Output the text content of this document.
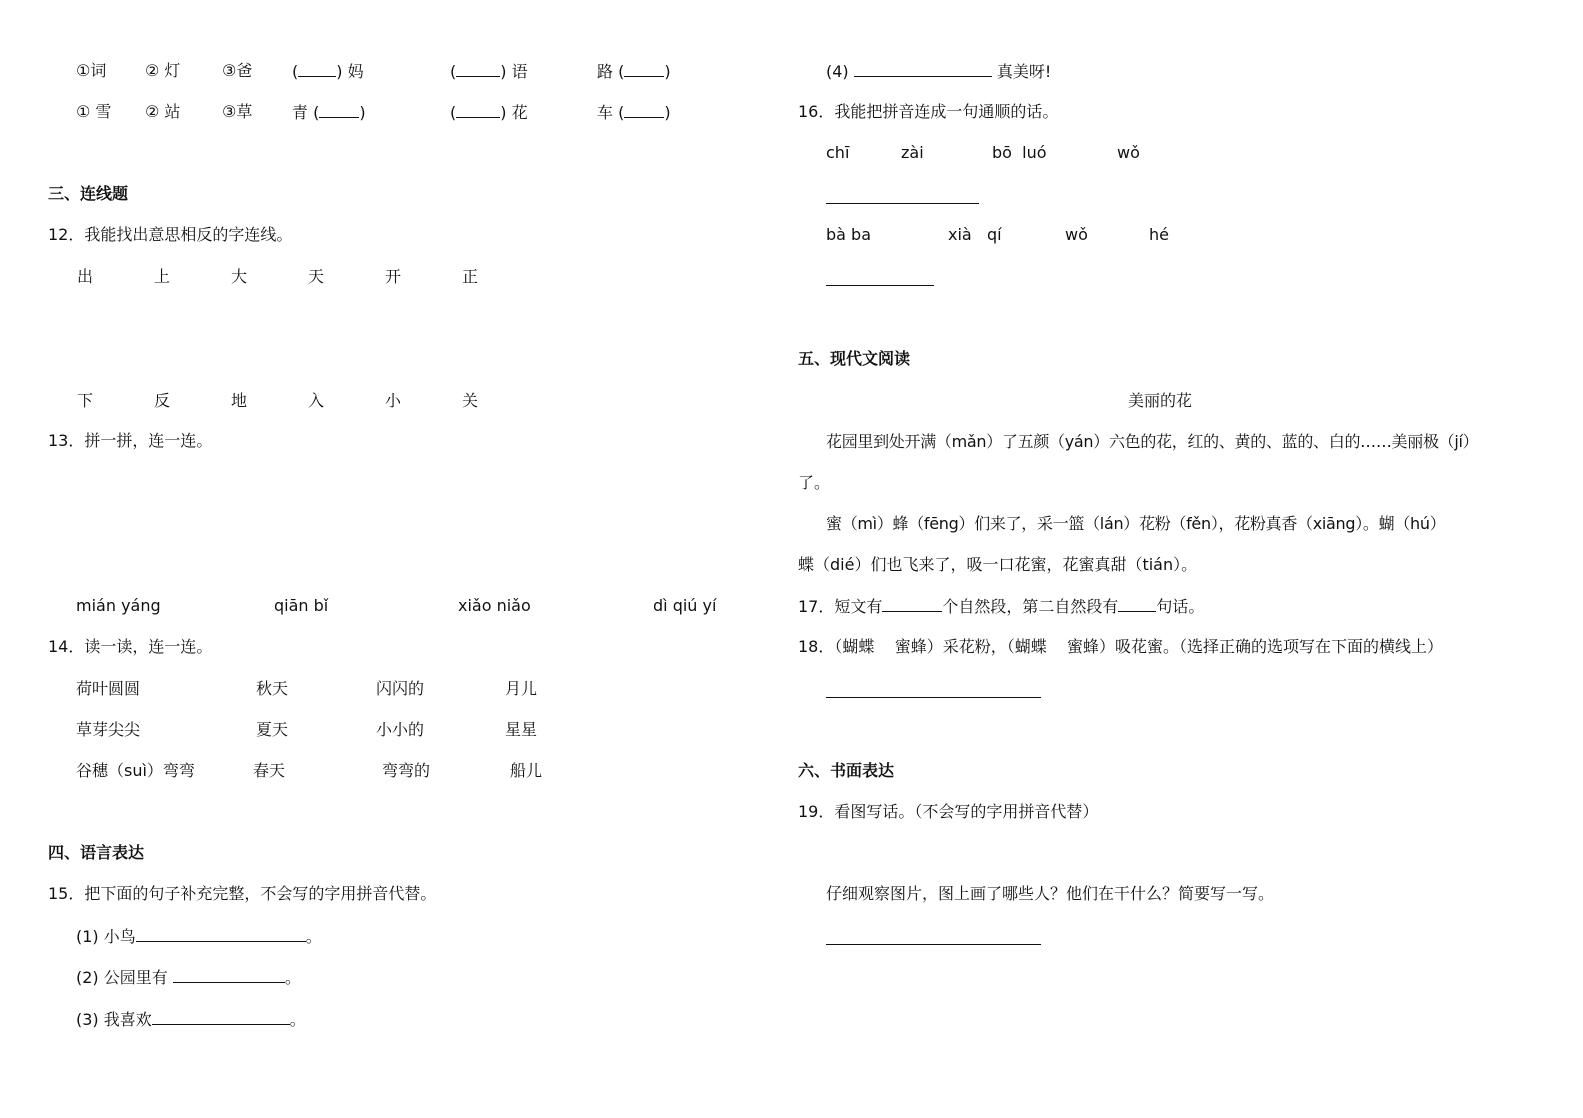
①词 ② 灯	③爸 ( ) 妈	(	) 语	路 (	)
① 雪 ② 站	③草 青 (	)	(	) 花	车 (	)
三、连线题
12．我能找出意思相反的字连线。
出	上	大	天	开	正
下	反	地	入	小	关
13．拼一拼，连一连。
mián yáng	qiān bǐ	xiǎo niǎo	dì qiú yí
14．读一读，连一连。
荷叶圆圆	秋天	闪闪的	月儿
草芽尖尖	夏天	小小的	星星
谷穗（suì）弯弯	春天	弯弯的	船儿
四、语言表达
15．把下面的句子补充完整，不会写的字用拼音代替。
(1) 小鸟	。
(2) 公园里有	。
(3) 我喜欢	。
(4)	真美呀!
16．我能把拼音连成一句通顺的话。
chī	zài	bō  luó	wǒ
bà ba	xià   qí	wǒ	hé
五、现代文阅读
美丽的花
花园里到处开满（mǎn）了五颜（yán）六色的花，红的、黄的、蓝的、白的……美丽极（jí）
了。
蜜（mì）蜂（fēng）们来了，采一篮（lán）花粉（fěn），花粉真香（xiāng）。蝴（hú）
蝶（dié）们也飞来了，吸一口花蜜，花蜜真甜（tián）。
17．短文有	个自然段，第二自然段有 句话。
18．（蝴蝶    蜜蜂）采花粉，（蝴蝶    蜜蜂）吸花蜜。（选择正确的选项写在下面的横线上）
六、书面表达
19．看图写话。（不会写的字用拼音代替）
仔细观察图片，图上画了哪些人？他们在干什么？简要写一写。
